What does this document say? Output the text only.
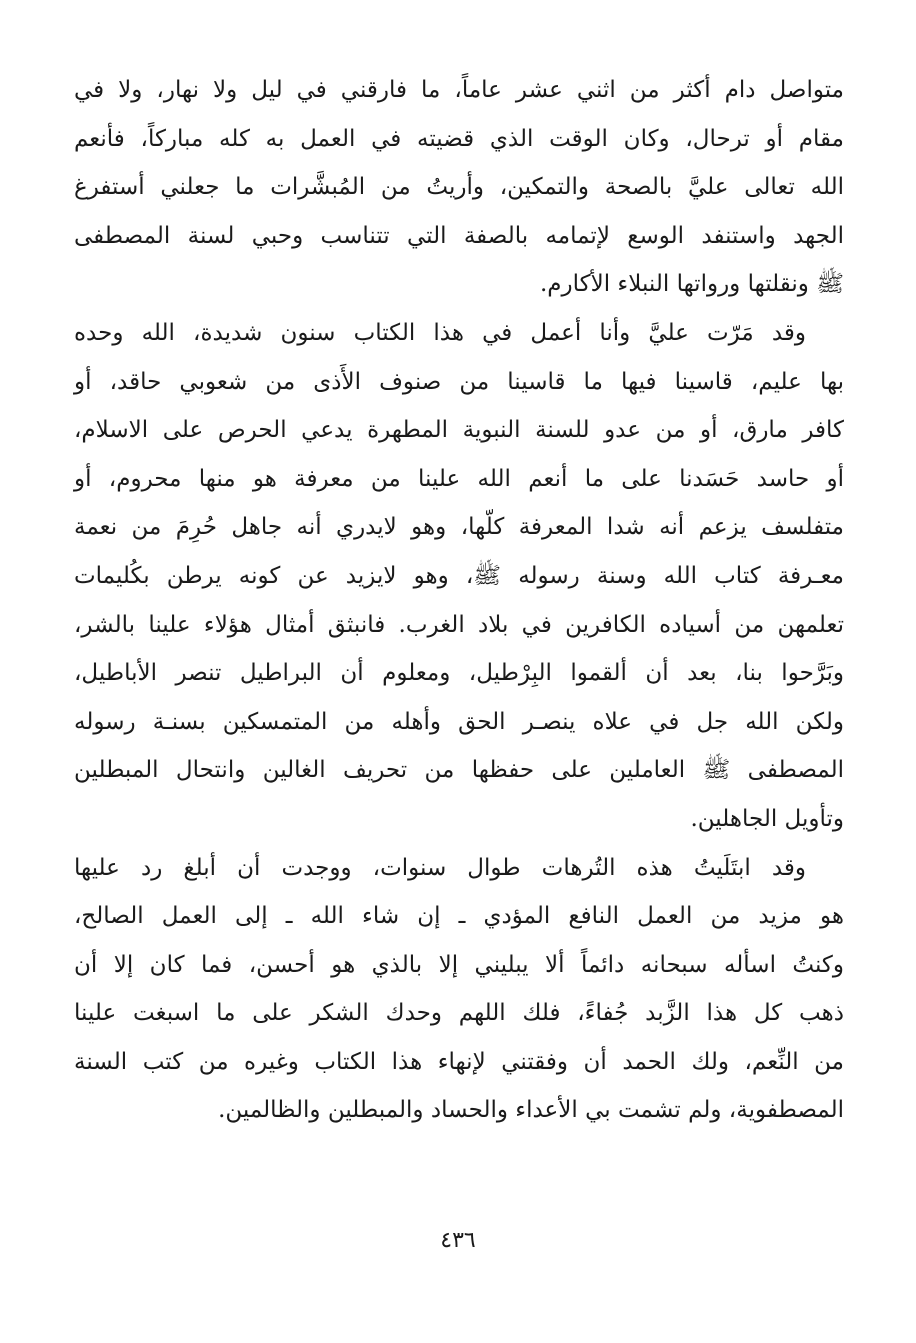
متواصل دام أكثر من اثني عشر عاماً، ما فارقني في ليل ولا نهار، ولا في
مقام أو ترحال، وكان الوقت الذي قضيته في العمل به كله مباركاً، فأنعم
الله تعالى عليَّ بالصحة والتمكين، وأريتُ من المُبشَّرات ما جعلني أستفرغ
الجهد واستنفد الوسع لإتمامه بالصفة التي تتناسب وحبي لسنة المصطفى
ﷺ ونقلتها ورواتها النبلاء الأكارم.
وقد مَرّت عليَّ وأنا أعمل في هذا الكتاب سنون شديدة، الله وحده
بها عليم، قاسينا فيها ما قاسينا من صنوف الأَذى من شعوبي حاقد، أو
كافر مارق، أو من عدو للسنة النبوية المطهرة يدعي الحرص على الاسلام،
أو حاسد حَسَدنا على ما أنعم الله علينا من معرفة هو منها محروم، أو
متفلسف يزعم أنه شدا المعرفة كلّها، وهو لايدري أنه جاهل حُرِمَ من نعمة
معـرفة كتاب الله وسنة رسوله ﷺ، وهو لايزيد عن كونه يرطن بكُليمات
تعلمهن من أسياده الكافرين في بلاد الغرب. فانبثق أمثال هؤلاء علينا بالشر،
وبَرَّحوا بنا، بعد أن ألقموا البِرْطيل، ومعلوم أن البراطيل تنصر الأباطيل،
ولكن الله جل في علاه ينصـر الحق وأهله من المتمسكين بسنـة رسوله
المصطفى ﷺ العاملين على حفظها من تحريف الغالين وانتحال المبطلين
وتأويل الجاهلين.
وقد ابتَلَيتُ هذه التُرهات طوال سنوات، ووجدت أن أبلغ رد عليها
هو مزيد من العمل النافع المؤدي ـ إن شاء الله ـ إلى العمل الصالح،
وكنتُ اسأله سبحانه دائماً ألا يبليني إلا بالذي هو أحسن، فما كان إلا أن
ذهب كل هذا الزَّبد جُفاءً، فلك اللهم وحدك الشكر على ما اسبغت علينا
من النِّعم، ولك الحمد أن وفقتني لإنهاء هذا الكتاب وغيره من كتب السنة
المصطفوية، ولم تشمت بي الأعداء والحساد والمبطلين والظالمين.
٤٣٦
